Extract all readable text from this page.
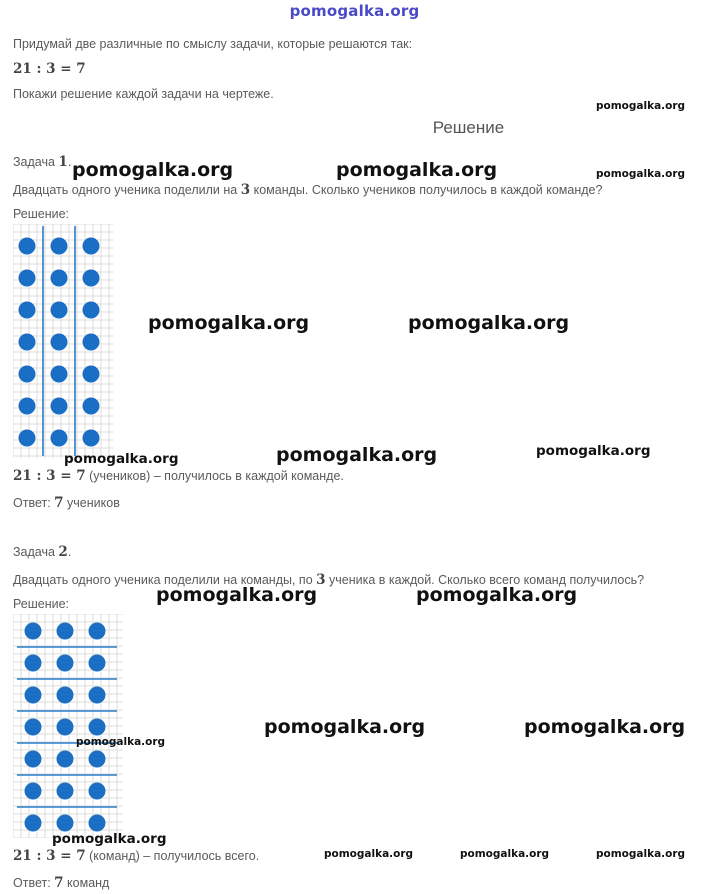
pomogalka.org
Придумай две различные по смыслу задачи, которые решаются так:
21 : 3 = 7
Покажи решение каждой задачи на чертеже.
pomogalka.org
Решение
Задача 1. pomogalka.org	pomogalka.org	pomogalka.org
Двадцать одного ученика поделили на 3 команды. Сколько учеников получилось в каждой команде?
Решение:
pomogalka.org	pomogalka.org
pomogalka.org	pomogalka.org
pomogalka.org
21 : 3 = 7 (учеников) – получилось в каждой команде.
Ответ: 7 учеников
Задача 2.
Двадцать одного ученика поделили на команды, по 3 ученика в каждой. Сколько всего команд получилось?
Решение:	pomogalka.org	pomogalka.org
pomogalka.org	pomogalka.org
pomogalka.org
pomogalka.org
21 : 3 = 7 (команд) – получилось всего.	pomogalka.org	pomogalka.org	pomogalka.org
Ответ: 7 команд
